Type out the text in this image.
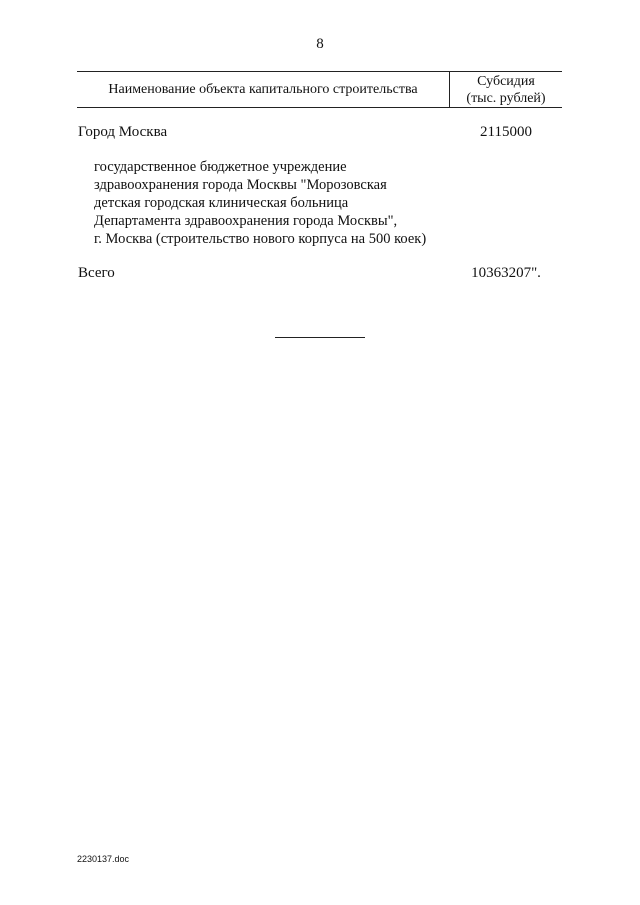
8
Наименование объекта капитального строительства
Субсидия
(тыс. рублей)
Город Москва	2115000
государственное бюджетное учреждение
здравоохранения города Москвы "Морозовская
детская городская клиническая больница
Департамента здравоохранения города Москвы",
г. Москва (строительство нового корпуса на 500 коек)
Всего	10363207".
2230137.doc
